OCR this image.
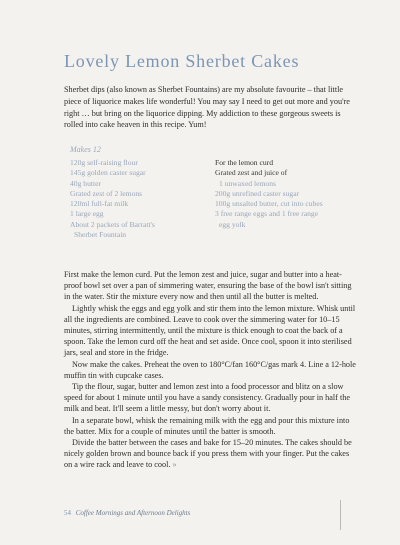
Lovely Lemon Sherbet Cakes
Sherbet dips (also known as Sherbet Fountains) are my absolute favourite – that little piece of liquorice makes life wonderful! You may say I need to get out more and you're right … but bring on the liquorice dipping. My addiction to these gorgeous sweets is rolled into cake heaven in this recipe. Yum!
Makes 12
120g self-raising flour
145g golden caster sugar
40g butter
Grated zest of 2 lemons
120ml full-fat milk
1 large egg
About 2 packets of Barratt's
Sherbet Fountain
For the lemon curd
Grated zest and juice of
1 unwaxed lemons
200g unrefined caster sugar
100g unsalted butter, cut into cubes
3 free range eggs and 1 free range
egg yolk

First make the lemon curd. Put the lemon zest and juice, sugar and butter into a heat-proof bowl set over a pan of simmering water, ensuring the base of the bowl isn't sitting in the water. Stir the mixture every now and then until all the butter is melted.

Lightly whisk the eggs and egg yolk and stir them into the lemon mixture. Whisk until all the ingredients are combined. Leave to cook over the simmering water for 10–15 minutes, stirring intermittently, until the mixture is thick enough to coat the back of a spoon. Take the lemon curd off the heat and set aside. Once cool, spoon it into sterilised jars, seal and store in the fridge.

Now make the cakes. Preheat the oven to 180°C/fan 160°C/gas mark 4. Line a 12-hole muffin tin with cupcake cases.

Tip the flour, sugar, butter and lemon zest into a food processor and blitz on a slow speed for about 1 minute until you have a sandy consistency. Gradually pour in half the milk and beat. It'll seem a little messy, but don't worry about it.

In a separate bowl, whisk the remaining milk with the egg and pour this mixture into the batter. Mix for a couple of minutes until the batter is smooth.

Divide the batter between the cases and bake for 15–20 minutes. The cakes should be nicely golden brown and bounce back if you press them with your finger. Put the cakes on a wire rack and leave to cool. »

54 Coffee Mornings and Afternoon Delights
